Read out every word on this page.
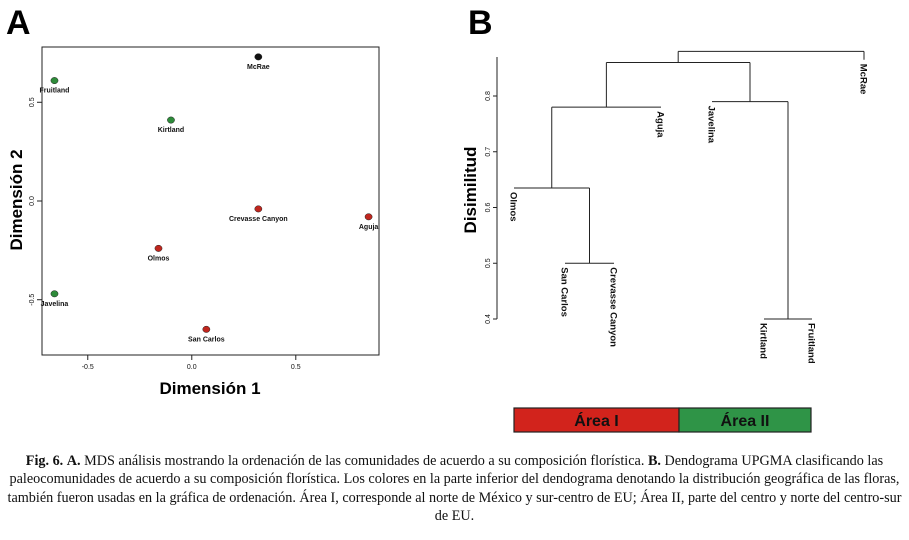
A
-0.5	0.0	0.5
-0.5
0.0
0.5
McRae
Fruitland
Kirtland
Crevasse Canyon
Aguja
Olmos
Javelina
San Carlos
Dimensión 1
Dimensión 2
B
0.4
0.5
0.6
0.7
0.8
Olmos
San Carlos	Crevasse Canyon
Aguja	Javelina
Kirtland	Fruitland
McRae
Disimilitud
Área I	Área II

Fig. 6. A. MDS análisis mostrando la ordenación de las comunidades de acuerdo a su composición florística. B. Dendograma UPGMA clasificando las paleocomunidades de acuerdo a su composición florística. Los colores en la parte inferior del dendograma denotando la distribución geográfica de las floras, también fueron usadas en la gráfica de ordenación. Área I, corresponde al norte de México y sur-centro de EU; Área II, parte del centro y norte del centro-sur de EU.
